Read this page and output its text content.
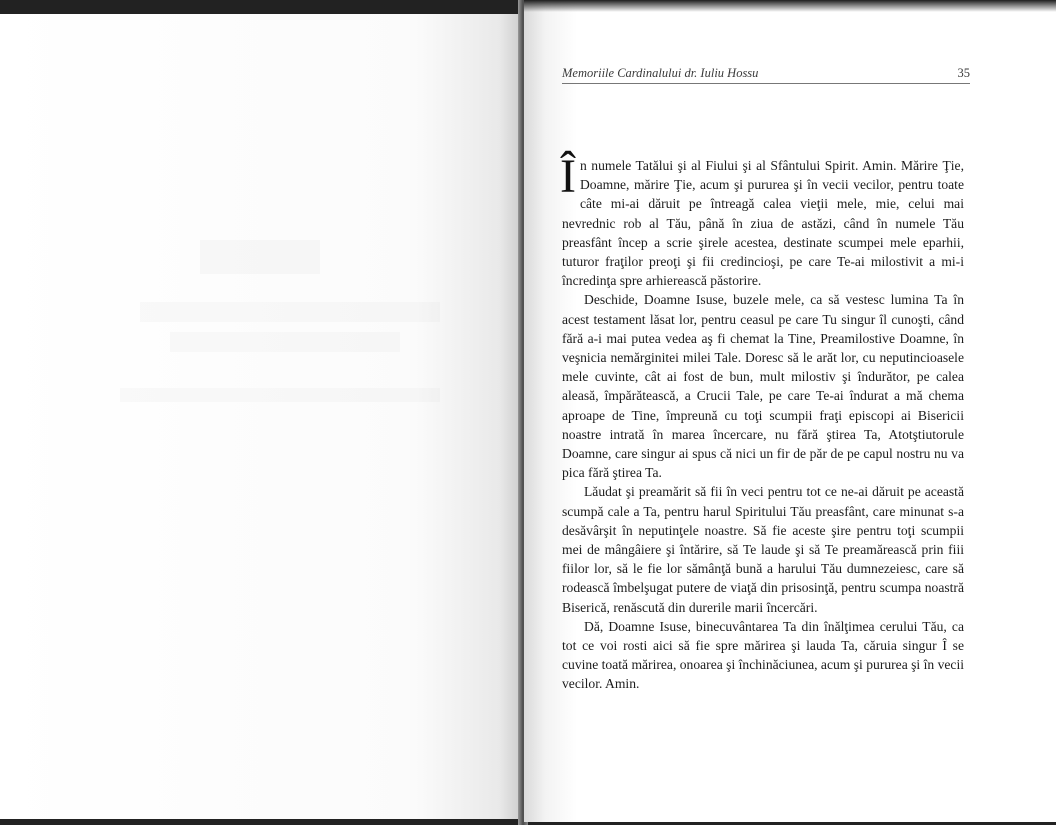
Memoriile Cardinalului dr. Iuliu Hossu	35

În numele Tatălui şi al Fiului şi al Sfântului Spirit. Amin. Mărire Ţie, Doamne, mărire Ţie, acum şi pururea şi în vecii vecilor, pentru toate câte mi-ai dăruit pe întreagă calea vieţii mele, mie, celui mai nevrednic rob al Tău, până în ziua de astăzi, când în numele Tău preasfânt încep a scrie şirele acestea, destinate scumpei mele eparhii, tuturor fraţilor preoţi şi fii credincioşi, pe care Te-ai milostivit a mi-i încredinţa spre arhierească păstorire.

Deschide, Doamne Isuse, buzele mele, ca să vestesc lumina Ta în acest testament lăsat lor, pentru ceasul pe care Tu singur îl cunoşti, când fără a-i mai putea vedea aş fi chemat la Tine, Preamilostive Doamne, în veşnicia nemărginitei milei Tale. Doresc să le arăt lor, cu neputincioasele mele cuvinte, cât ai fost de bun, mult milostiv şi îndurător, pe calea aleasă, împărătească, a Crucii Tale, pe care Te-ai îndurat a mă chema aproape de Tine, împreună cu toţi scumpii fraţi episcopi ai Bisericii noastre intrată în marea încercare, nu fără ştirea Ta, Atotştiutorule Doamne, care singur ai spus că nici un fir de păr de pe capul nostru nu va pica fără ştirea Ta.

Lăudat şi preamărit să fii în veci pentru tot ce ne-ai dăruit pe această scumpă cale a Ta, pentru harul Spiritului Tău preasfânt, care minunat s-a desăvârşit în neputinţele noastre. Să fie aceste şire pentru toţi scumpii mei de mângâiere şi întărire, să Te laude şi să Te preamărească prin fiii fiilor lor, să le fie lor sămânţă bună a harului Tău dumnezeiesc, care să rodească îmbelşugat putere de viaţă din prisosinţă, pentru scumpa noastră Biserică, renăscută din durerile marii încercări.

Dă, Doamne Isuse, binecuvântarea Ta din înălţimea cerului Tău, ca tot ce voi rosti aici să fie spre mărirea şi lauda Ta, căruia singur Î se cuvine toată mărirea, onoarea şi închinăciunea, acum şi pururea şi în vecii vecilor. Amin.
